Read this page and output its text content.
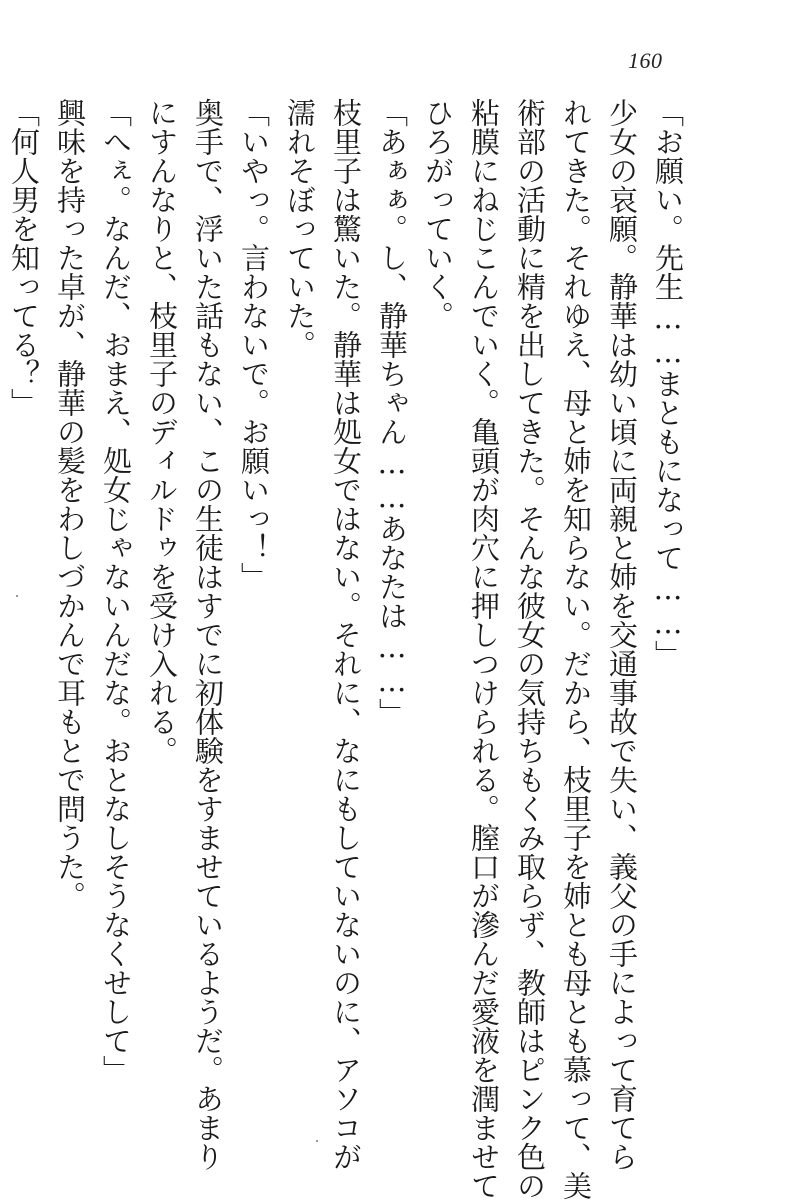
160

「お願い。先生……まともになって……」

少女の哀願。静華は幼い頃に両親と姉を交通事故で失い、義父の手によって育てら

れてきた。それゆえ、母と姉を知らない。だから、枝里子を姉とも母とも慕って、美

術部の活動に精を出してきた。そんな彼女の気持ちもくみ取らず、教師はピンク色の

粘膜にねじこんでいく。亀頭が肉穴に押しつけられる。膣口が滲んだ愛液を潤ませて

ひろがっていく。

「あぁぁ。し、静華ちゃん……あなたは……」

枝里子は驚いた。静華は処女ではない。それに、なにもしていないのに、アソコが

濡れそぼっていた。

「いやっ。言わないで。お願いっ！」

奥手で、浮いた話もない、この生徒はすでに初体験をすませているようだ。あまり

にすんなりと、枝里子のディルドゥを受け入れる。

「へぇ。なんだ、おまえ、処女じゃないんだな。おとなしそうなくせして」

興味を持った卓が、静華の髪をわしづかんで耳もとで問うた。

「何人男を知ってる？」
